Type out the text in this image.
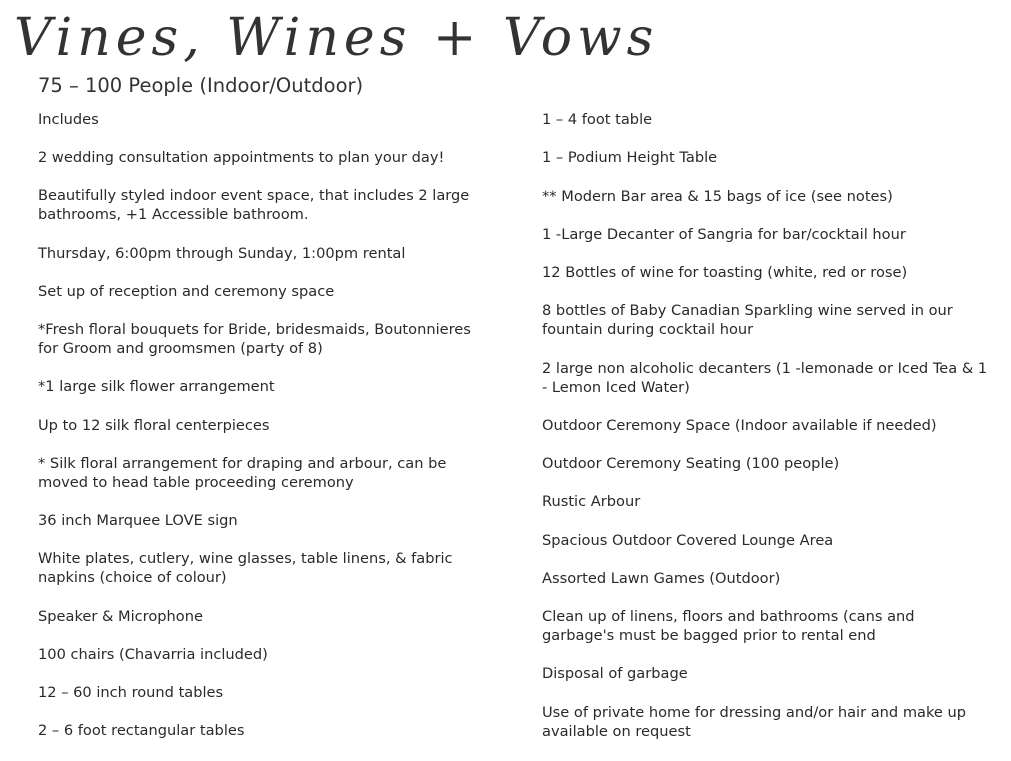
Vines, Wines + Vows
75 – 100 People (Indoor/Outdoor)
Includes
2 wedding consultation appointments to plan your day!
Beautifully styled indoor event space, that includes 2 large bathrooms, +1 Accessible bathroom.
Thursday, 6:00pm through Sunday, 1:00pm rental
Set up of reception and ceremony space
*Fresh floral bouquets for Bride, bridesmaids, Boutonnieres for Groom and groomsmen (party of 8)
*1 large silk flower arrangement
Up to 12 silk floral centerpieces
* Silk floral arrangement for draping and arbour, can be moved to head table proceeding ceremony
36 inch Marquee LOVE sign
White plates, cutlery, wine glasses, table linens, & fabric napkins (choice of colour)
Speaker & Microphone
100 chairs (Chavarria included)
12 – 60 inch round tables
2 – 6 foot rectangular tables
1 – 4 foot table
1 – Podium Height Table
** Modern Bar area & 15 bags of ice (see notes)
1 -Large Decanter of Sangria for bar/cocktail hour
12 Bottles of wine for toasting (white, red or rose)
8 bottles of Baby Canadian Sparkling wine served in our fountain during cocktail hour
2 large non alcoholic decanters (1 -lemonade or Iced Tea & 1 - Lemon Iced Water)
Outdoor Ceremony Space (Indoor available if needed)
Outdoor Ceremony Seating (100 people)
Rustic Arbour
Spacious Outdoor Covered Lounge Area
Assorted Lawn Games (Outdoor)
Clean up of linens, floors and bathrooms (cans and garbage's must be bagged prior to rental end
Disposal of garbage
Use of private home for dressing and/or hair and make up available on request
